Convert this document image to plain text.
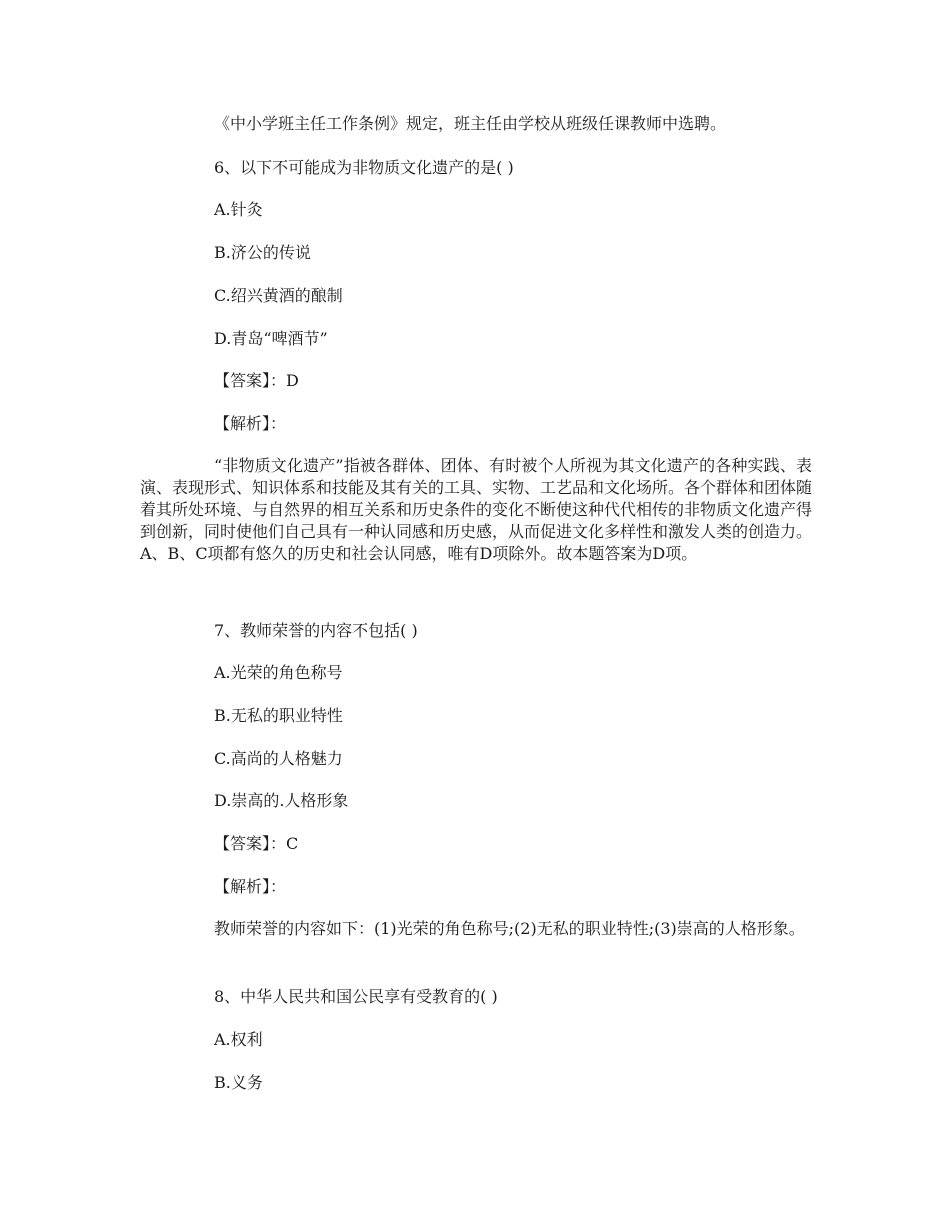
《中小学班主任工作条例》规定，班主任由学校从班级任课教师中选聘。

6、以下不可能成为非物质文化遗产的是( )

A.针灸

B.济公的传说

C.绍兴黄酒的酿制

D.青岛“啤酒节”

【答案】：D

【解析】：

“非物质文化遗产”指被各群体、团体、有时被个人所视为其文化遗产的各种实践、表演、表现形式、知识体系和技能及其有关的工具、实物、工艺品和文化场所。各个群体和团体随着其所处环境、与自然界的相互关系和历史条件的变化不断使这种代代相传的非物质文化遗产得到创新，同时使他们自己具有一种认同感和历史感，从而促进文化多样性和激发人类的创造力。A、B、C项都有悠久的历史和社会认同感，唯有D项除外。故本题答案为D项。

7、教师荣誉的内容不包括( )

A.光荣的角色称号

B.无私的职业特性

C.高尚的人格魅力

D.崇高的.人格形象

【答案】：C

【解析】：

教师荣誉的内容如下：(1)光荣的角色称号;(2)无私的职业特性;(3)崇高的人格形象。

8、中华人民共和国公民享有受教育的( )

A.权利

B.义务
